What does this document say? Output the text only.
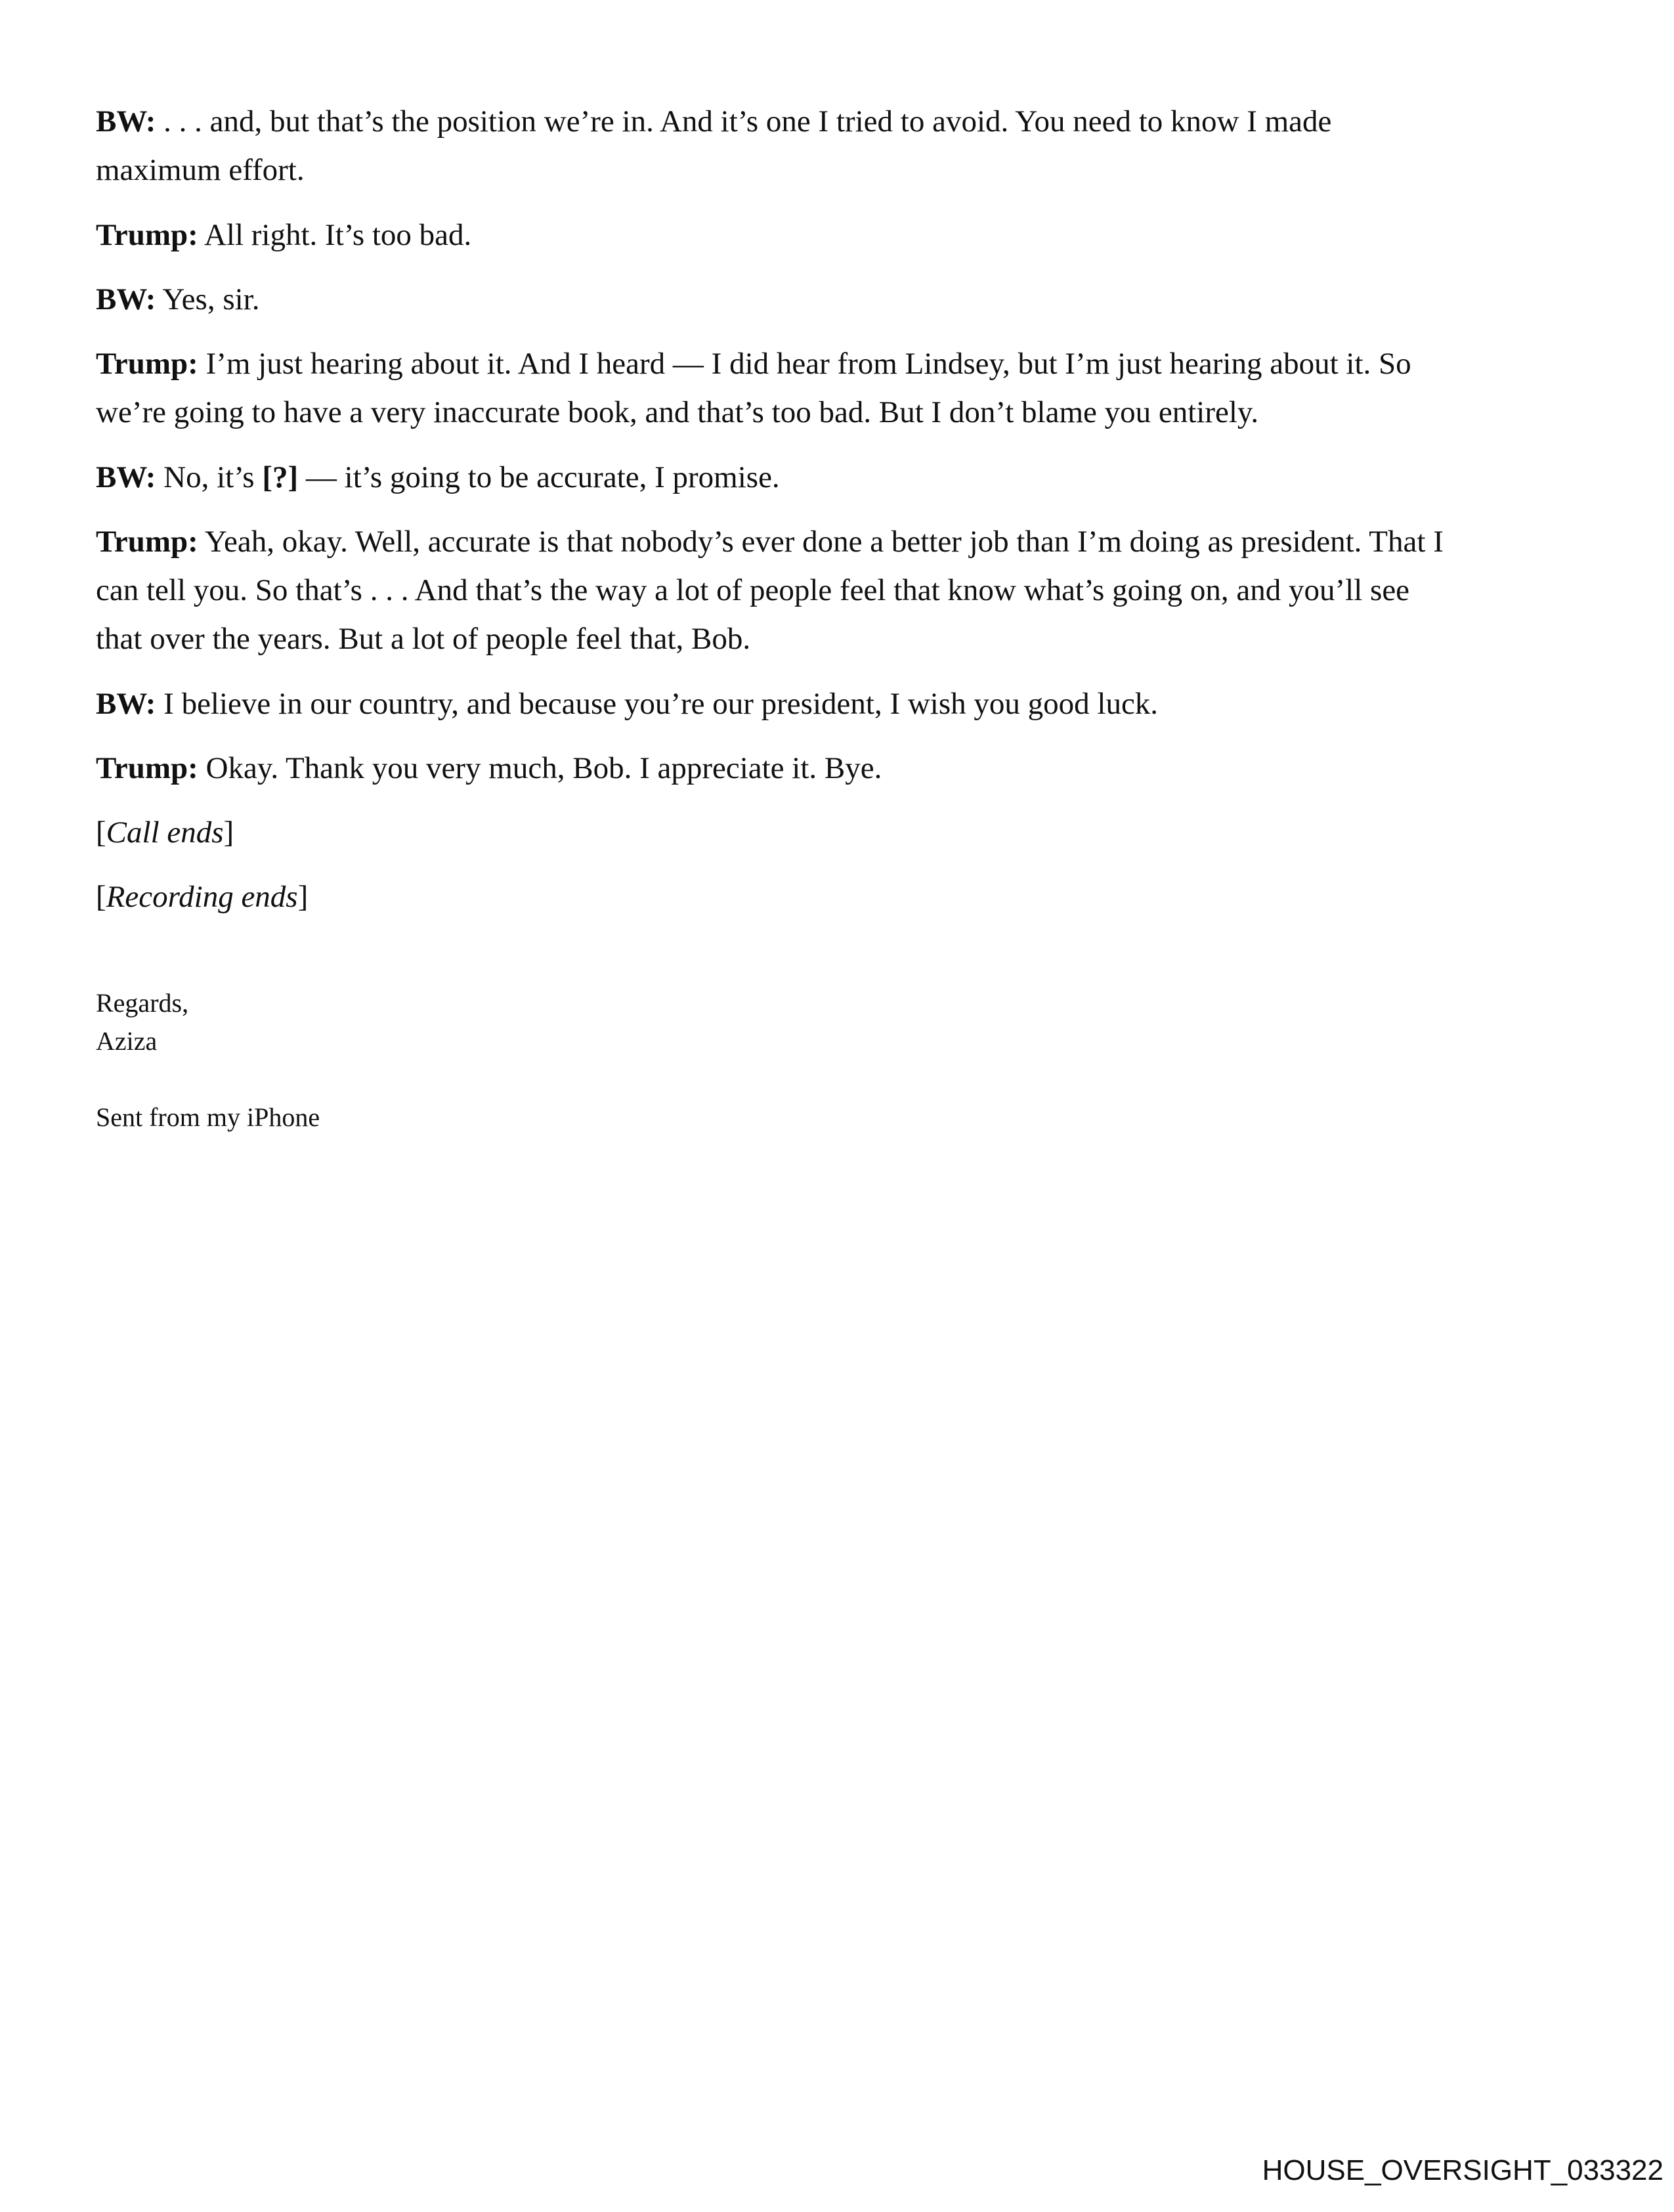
BW: . . . and, but that’s the position we’re in. And it’s one I tried to avoid. You need to know I made maximum effort.

Trump: All right. It’s too bad.

BW: Yes, sir.

Trump: I’m just hearing about it. And I heard — I did hear from Lindsey, but I’m just hearing about it. So we’re going to have a very inaccurate book, and that’s too bad. But I don’t blame you entirely.

BW: No, it’s [?] — it’s going to be accurate, I promise.

Trump: Yeah, okay. Well, accurate is that nobody’s ever done a better job than I’m doing as president. That I can tell you. So that’s . . . And that’s the way a lot of people feel that know what’s going on, and you’ll see that over the years. But a lot of people feel that, Bob.

BW: I believe in our country, and because you’re our president, I wish you good luck.

Trump: Okay. Thank you very much, Bob. I appreciate it. Bye.

[Call ends]

[Recording ends]

Regards,

Aziza

Sent from my iPhone

HOUSE_OVERSIGHT_033322
